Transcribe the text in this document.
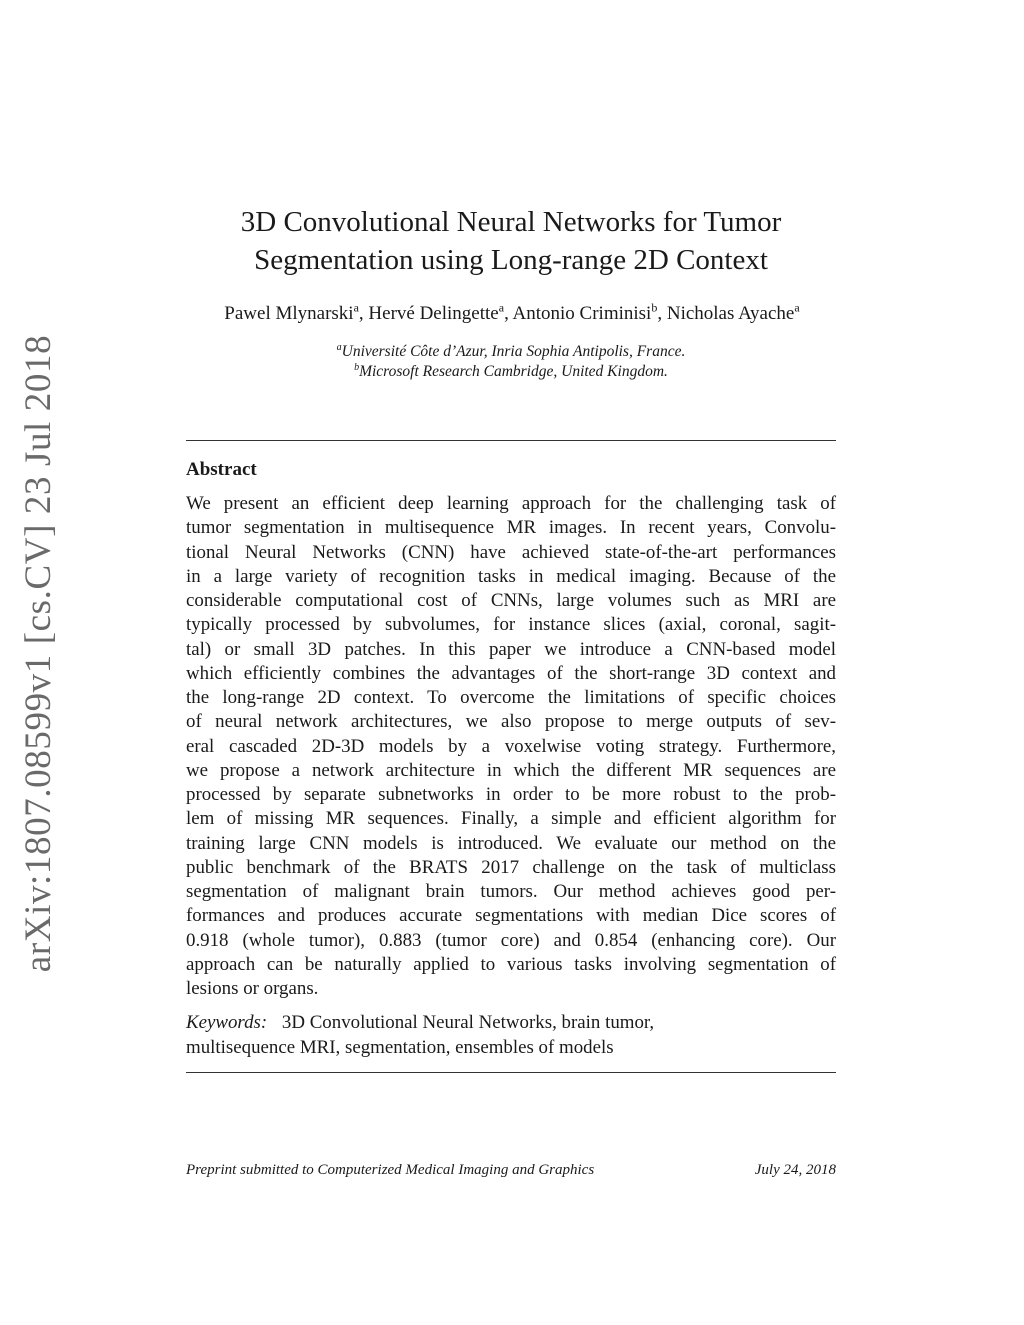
arXiv:1807.08599v1 [cs.CV] 23 Jul 2018
3D Convolutional Neural Networks for Tumor
Segmentation using Long-range 2D Context
Pawel Mlynarski$^a$, Hervé Delingette$^a$, Antonio Criminisi$^b$, Nicholas Ayache$^a$
$^a$Université Côte d’Azur, Inria Sophia Antipolis, France.
$^b$Microsoft Research Cambridge, United Kingdom.
Abstract
We present an efficient deep learning approach for the challenging task of
tumor segmentation in multisequence MR images. In recent years, Convolu-
tional Neural Networks (CNN) have achieved state-of-the-art performances
in a large variety of recognition tasks in medical imaging. Because of the
considerable computational cost of CNNs, large volumes such as MRI are
typically processed by subvolumes, for instance slices (axial, coronal, sagit-
tal) or small 3D patches. In this paper we introduce a CNN-based model
which efficiently combines the advantages of the short-range 3D context and
the long-range 2D context. To overcome the limitations of specific choices
of neural network architectures, we also propose to merge outputs of sev-
eral cascaded 2D-3D models by a voxelwise voting strategy. Furthermore,
we propose a network architecture in which the different MR sequences are
processed by separate subnetworks in order to be more robust to the prob-
lem of missing MR sequences. Finally, a simple and efficient algorithm for
training large CNN models is introduced. We evaluate our method on the
public benchmark of the BRATS 2017 challenge on the task of multiclass
segmentation of malignant brain tumors. Our method achieves good per-
formances and produces accurate segmentations with median Dice scores of
0.918 (whole tumor), 0.883 (tumor core) and 0.854 (enhancing core). Our
approach can be naturally applied to various tasks involving segmentation of
lesions or organs.
Keywords: 3D Convolutional Neural Networks, brain tumor,
multisequence MRI, segmentation, ensembles of models
Preprint submitted to Computerized Medical Imaging and Graphics	July 24, 2018
